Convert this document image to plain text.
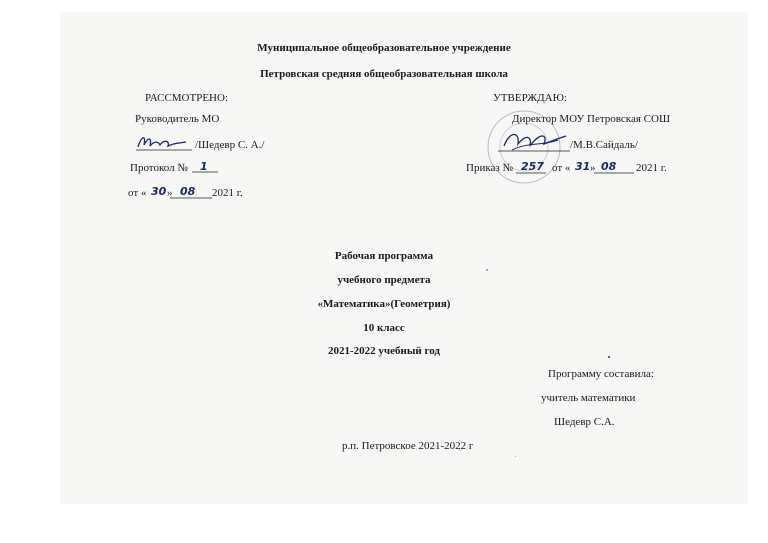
Муниципальное общеобразовательное учреждение
Петровская средняя общеобразовательная школа
РАССМОТРЕНО:
Руководитель МО
/Шедевр С. А./
Протокол № 1
от « 30 » 08 2021 г.
УТВЕРЖДАЮ:
Директор МОУ Петровская СОШ
/М.В.Сайдаль/
Приказ № 257 от « 31 » 08 2021 г.
Рабочая программа
учебного предмета
«Математика»(Геометрия)
10 класс
2021-2022 учебный год
Программу составила:
учитель математики
Шедевр С.А.
р.п. Петровское 2021-2022 г
